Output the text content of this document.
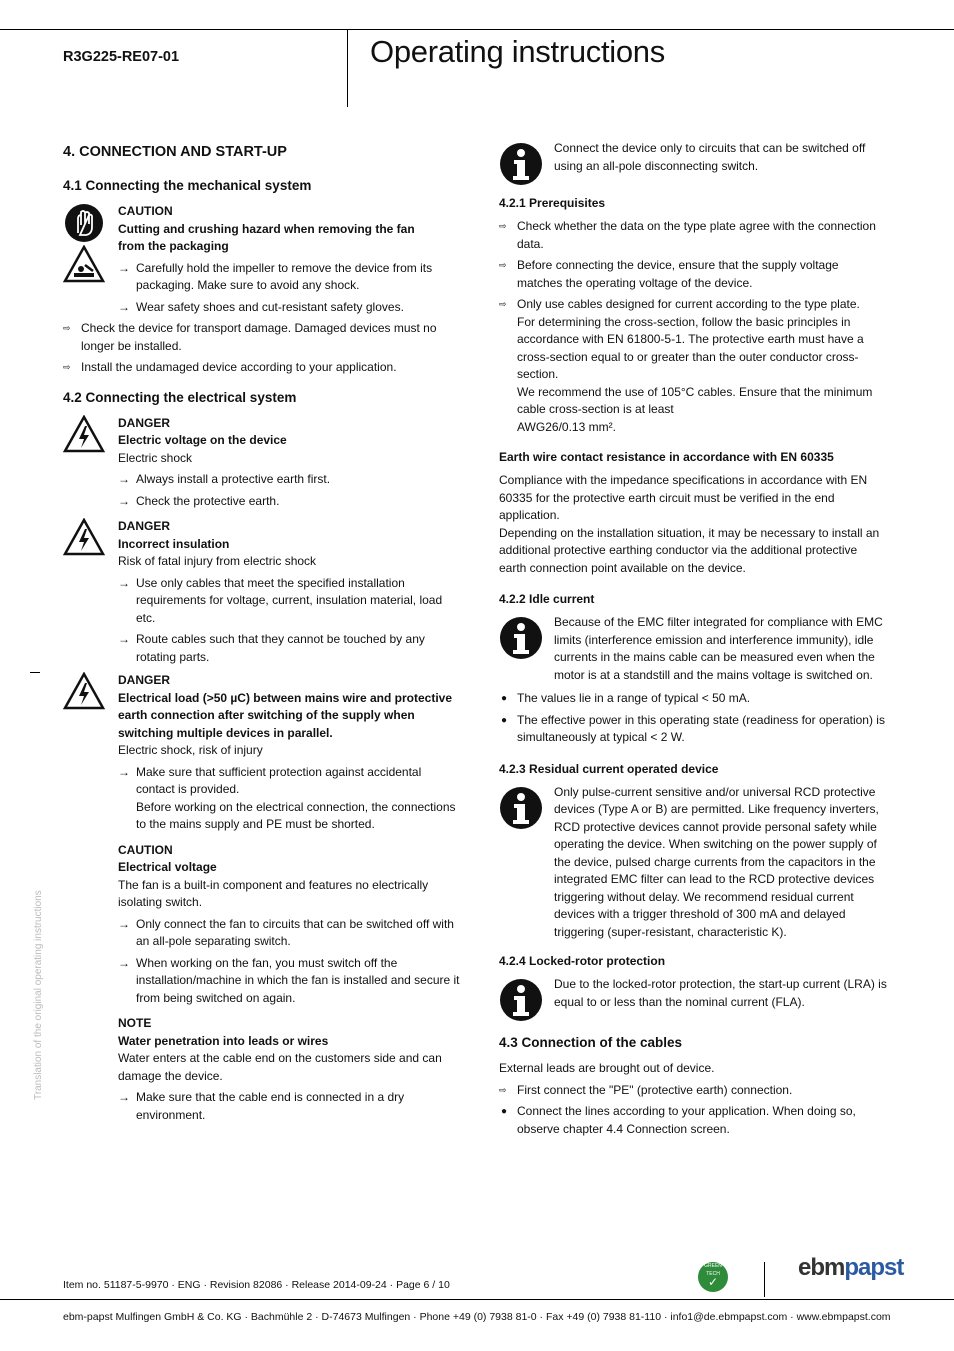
R3G225-RE07-01	Operating instructions
4. CONNECTION AND START-UP
4.1 Connecting the mechanical system

CAUTION

Cutting and crushing hazard when removing the fan from the packaging

→ Carefully hold the impeller to remove the device from its packaging. Make sure to avoid any shock.
→ Wear safety shoes and cut-resistant safety gloves.
⇨ Check the device for transport damage. Damaged devices must no longer be installed.
⇨ Install the undamaged device according to your application.
4.2 Connecting the electrical system

DANGER

Electric voltage on the device

Electric shock

→ Always install a protective earth first.
→ Check the protective earth.

DANGER

Incorrect insulation

Risk of fatal injury from electric shock

→ Use only cables that meet the specified installation requirements for voltage, current, insulation material, load etc.
→ Route cables such that they cannot be touched by any rotating parts.

DANGER

Electrical load (>50 µC) between mains wire and protective earth connection after switching of the supply when switching multiple devices in parallel.

Electric shock, risk of injury

→ Make sure that sufficient protection against accidental contact is provided.
Before working on the electrical connection, the connections to the mains supply and PE must be shorted.

CAUTION

Electrical voltage

The fan is a built-in component and features no electrically isolating switch.

→ Only connect the fan to circuits that can be switched off with an all-pole separating switch.
→ When working on the fan, you must switch off the installation/machine in which the fan is installed and secure it from being switched on again.

NOTE

Water penetration into leads or wires

Water enters at the cable end on the customers side and can damage the device.

→ Make sure that the cable end is connected in a dry environment.

Connect the device only to circuits that can be switched off using an all-pole disconnecting switch.

4.2.1 Prerequisites
⇨ Check whether the data on the type plate agree with the connection data.
⇨ Before connecting the device, ensure that the supply voltage matches the operating voltage of the device.
⇨ Only use cables designed for current according to the type plate.

For determining the cross-section, follow the basic principles in accordance with EN 61800-5-1. The protective earth must have a cross-section equal to or greater than the outer conductor cross-section.

We recommend the use of 105°C cables. Ensure that the minimum cable cross-section is at least

AWG26/0.13 mm².

Earth wire contact resistance in accordance with EN 60335

Compliance with the impedance specifications in accordance with EN 60335 for the protective earth circuit must be verified in the end application.

Depending on the installation situation, it may be necessary to install an additional protective earthing conductor via the additional protective earth connection point available on the device.

4.2.2 Idle current

Because of the EMC filter integrated for compliance with EMC limits (interference emission and interference immunity), idle currents in the mains cable can be measured even when the motor is at a standstill and the mains voltage is switched on.

● The values lie in a range of typical < 50 mA.
● The effective power in this operating state (readiness for operation) is simultaneously at typical < 2 W.
4.2.3 Residual current operated device

Only pulse-current sensitive and/or universal RCD protective devices (Type A or B) are permitted. Like frequency inverters, RCD protective devices cannot provide personal safety while operating the device. When switching on the power supply of the device, pulsed charge currents from the capacitors in the integrated EMC filter can lead to the RCD protective devices triggering without delay. We recommend residual current devices with a trigger threshold of 300 mA and delayed triggering (super-resistant, characteristic K).

4.2.4 Locked-rotor protection

Due to the locked-rotor protection, the start-up current (LRA) is equal to or less than the nominal current (FLA).

4.3 Connection of the cables

External leads are brought out of device.

⇨ First connect the "PE" (protective earth) connection.
● Connect the lines according to your application. When doing so, observe chapter 4.4 Connection screen.
Translation of the original operating instructions
Item no. 51187-5-9970 · ENG · Revision 82086 · Release 2014-09-24 · Page 6 / 10
GREEN TECH
✓
ebmpapst
ebm-papst Mulfingen GmbH & Co. KG · Bachmühle 2 · D-74673 Mulfingen · Phone +49 (0) 7938 81-0 · Fax +49 (0) 7938 81-110 · info1@de.ebmpapst.com · www.ebmpapst.com
